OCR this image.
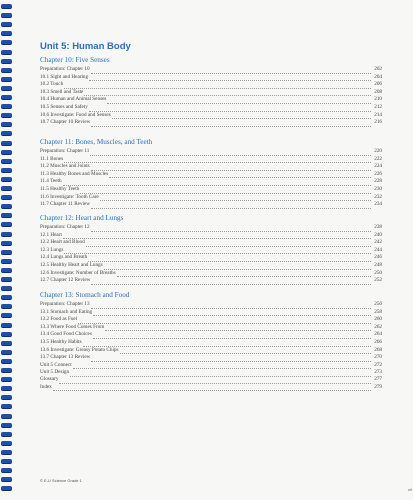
Unit 5: Human Body
Chapter 10: Five Senses
Preparation: Chapter 10	202
10.1 Sight and Hearing	204
10.2 Touch	206
10.3 Smell and Taste	208
10.4 Human and Animal Senses	210
10.5 Senses and Safety	212
10.6 Investigate: Food and Senses	214
10.7 Chapter 10 Review	216
Chapter 11: Bones, Muscles, and Teeth
Preparation: Chapter 11	220
11.1 Bones	222
11.2 Muscles and Joints	224
11.3 Healthy Bones and Muscles	226
11.4 Teeth	228
11.5 Healthy Teeth	230
11.6 Investigate: Tooth Care	232
11.7 Chapter 11 Review	234
Chapter 12: Heart and Lungs
Preparation: Chapter 12	238
12.1 Heart	240
12.2 Heart and Blood	242
12.3 Lungs	244
12.4 Lungs and Breath	246
12.5 Healthy Heart and Lungs	248
12.6 Investigate: Number of Breaths	250
12.7 Chapter 12 Review	252
Chapter 13: Stomach and Food
Preparation: Chapter 13	256
13.1 Stomach and Eating	258
13.2 Food as Fuel	260
13.3 Where Food Comes From	262
13.4 Good Food Choices	264
13.5 Healthy Habits	266
13.6 Investigate: Greasy Potato Chips	268
13.7 Chapter 13 Review	270
Unit 5 Connect	272
Unit 5 Design	273
Glossary	277
Index	279
© E-U Science Grade 1
vii
